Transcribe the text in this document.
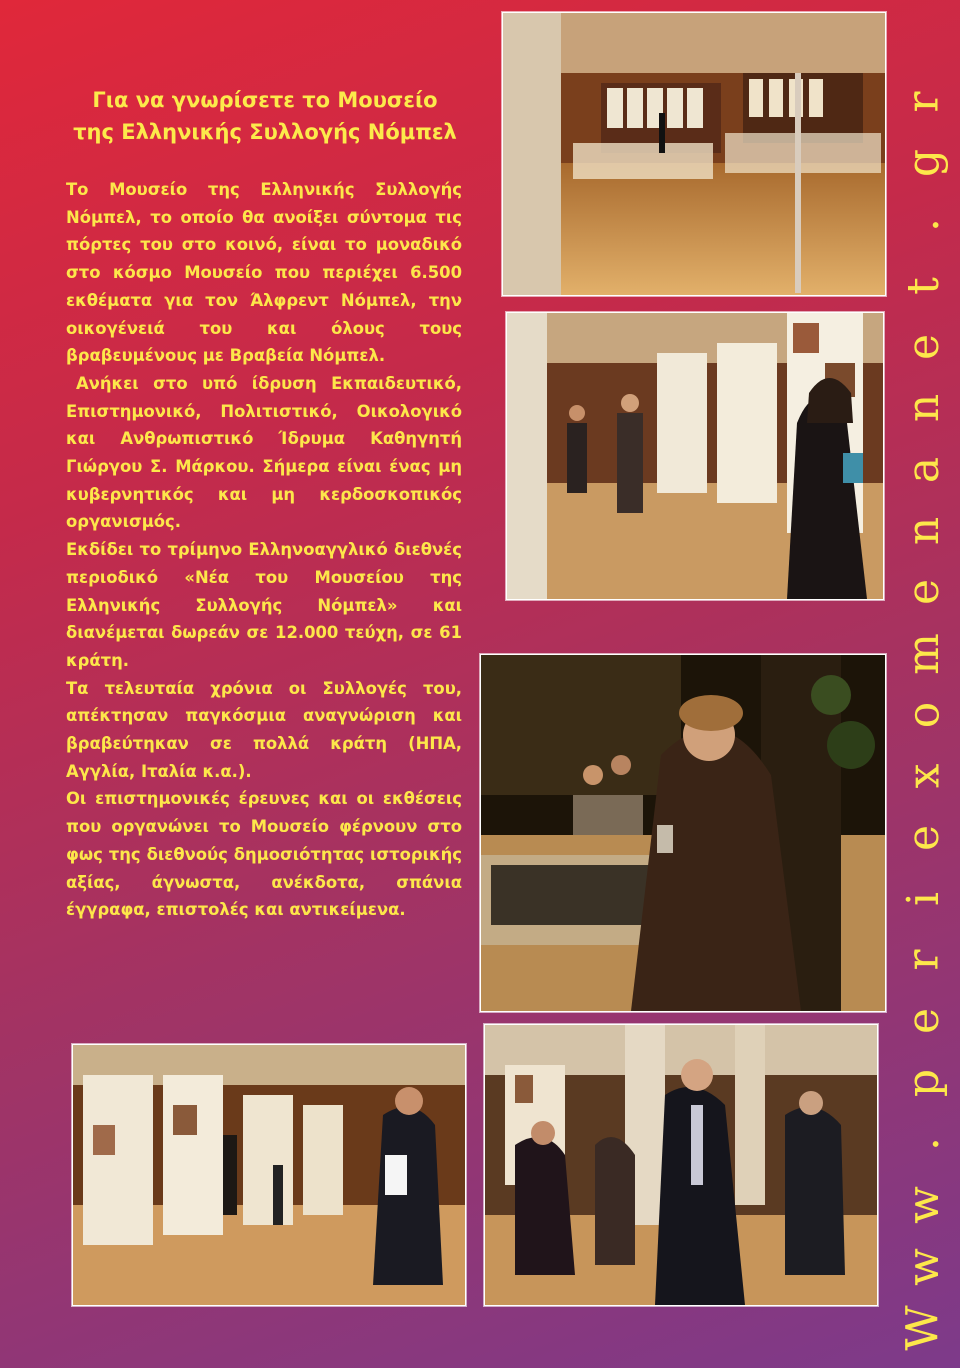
Για να γνωρίσετε το Μουσείο
της Ελληνικής Συλλογής Νόμπελ

Το Μουσείο της Ελληνικής Συλλογής Νόμπελ, το οποίο θα ανοίξει σύντομα τις πόρτες του στο κοινό, είναι το μοναδικό στο κόσμο Μουσείο που περιέχει 6.500 εκθέματα για τον Άλφρεντ Νόμπελ, την οικογένειά του και όλους τους βραβευμένους με Βραβεία Νόμπελ.

Ανήκει στο υπό ίδρυση Εκπαιδευτικό, Επιστημονικό, Πολιτιστικό, Οικολογικό και Ανθρωπιστικό Ίδρυμα Καθηγητή Γιώργου Σ. Μάρκου. Σήμερα είναι ένας μη κυβερνητικός και μη κερδοσκοπικός οργανισμός.

Εκδίδει το τρίμηνο Ελληνοαγγλικό διεθνές περιοδικό «Νέα του Μουσείου της Ελληνικής Συλλογής Νόμπελ» και διανέμεται δωρεάν σε 12.000 τεύχη, σε 61 κράτη.

Τα τελευταία χρόνια οι Συλλογές του, απέκτησαν παγκόσμια αναγνώριση και βραβεύτηκαν σε πολλά κράτη (ΗΠΑ, Αγγλία, Ιταλία κ.α.).

Οι επιστημονικές έρευνες και οι εκθέσεις που οργανώνει το Μουσείο φέρνουν στο φως της διεθνούς δημοσιότητας ιστορικής αξίας, άγνωστα, ανέκδοτα, σπάνια έγγραφα, επιστολές και αντικείμενα.

W
w
w
.
p
e
r
i
e
x
o
m
e
n
a
n
e
t
.
g
r
